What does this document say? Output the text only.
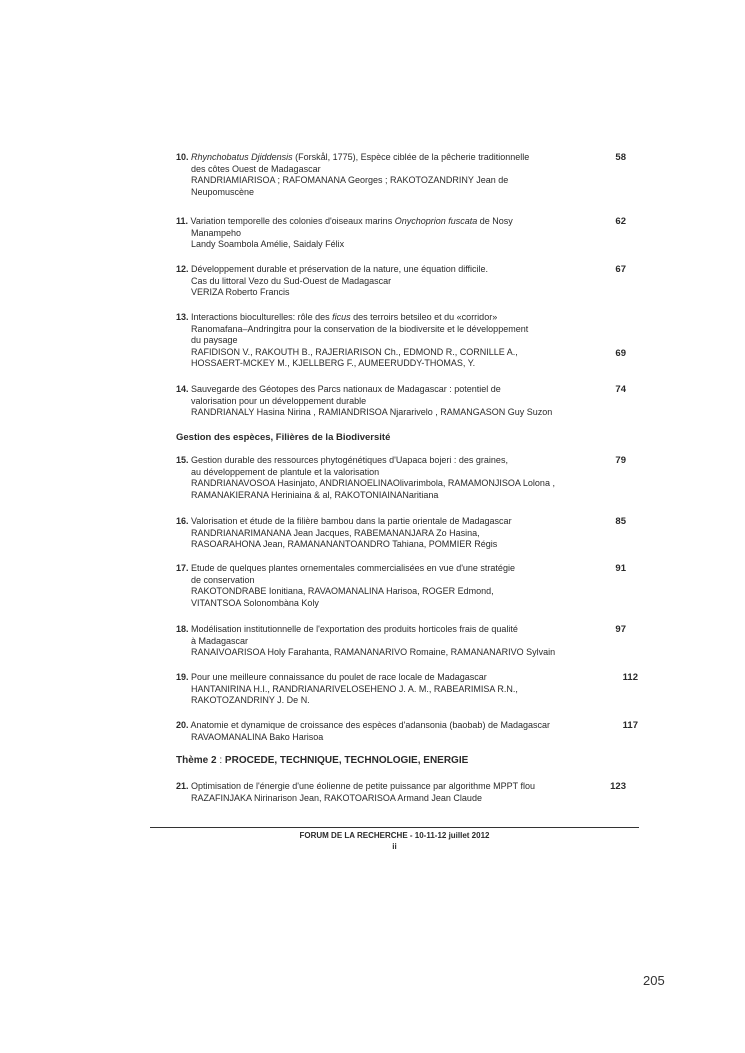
10. Rhynchobatus Djiddensis (Forskål, 1775), Espèce ciblée de la pêcherie traditionnelle
des côtes Ouest de Madagascar
RANDRIAMIARISOA ; RAFOMANANA Georges ; RAKOTOZANDRINY Jean de
Neupomuscène
58
11. Variation temporelle des colonies d'oiseaux marins Onychoprion fuscata de Nosy
Manampeho
Landy Soambola Amélie, Saidaly Félix
62
12. Développement durable et préservation de la nature, une équation difficile.
Cas du littoral Vezo du Sud-Ouest de Madagascar
VERIZA Roberto Francis
67
13. Interactions bioculturelles: rôle des ficus des terroirs betsileo et du «corridor»
Ranomafana–Andringitra pour la conservation de la biodiversite et le développement
du paysage
RAFIDISON V., RAKOUTH B., RAJERIARISON Ch., EDMOND R., CORNILLE A.,
HOSSAERT-MCKEY M., KJELLBERG F., AUMEERUDDY-THOMAS, Y.
69
14. Sauvegarde des Géotopes des Parcs nationaux de Madagascar : potentiel de
valorisation pour un développement durable
RANDRIANALY Hasina Nirina , RAMIANDRISOA Njararivelo , RAMANGASON Guy Suzon
74
Gestion des espèces, Filières de la Biodiversité
15. Gestion durable des ressources phytogénétiques d'Uapaca bojeri : des graines,
au développement de plantule et la valorisation
RANDRIANAVOSOA Hasinjato, ANDRIANOELINAOlivarimbola, RAMAMONJISOA Lolona ,
RAMANAKIERANA Heriniaina & al, RAKOTONIAINANaritiana
79
16. Valorisation et étude de la filière bambou dans la partie orientale de Madagascar
RANDRIANARIMANANA Jean Jacques, RABEMANANJARA Zo Hasina,
RASOARAHONA Jean, RAMANANANTOANDRO Tahiana, POMMIER Régis
85
17. Etude de quelques plantes ornementales commercialisées en vue d'une stratégie
de conservation
RAKOTONDRABE Ionitiana, RAVAOMANALINA Harisoa, ROGER Edmond,
VITANTSOA Solonombàna Koly
91
18. Modélisation institutionnelle de l'exportation des produits horticoles frais de qualité
à Madagascar
RANAIVOARISOA Holy Farahanta, RAMANANARIVO Romaine, RAMANANARIVO Sylvain
97
19. Pour une meilleure connaissance du poulet de race locale de Madagascar
HANTANIRINA H.I., RANDRIANARIVELOSEHENO J. A. M., RABEARIMISA R.N.,
RAKOTOZANDRINY J. De N.
112
20. Anatomie et dynamique de croissance des espèces d'adansonia (baobab) de Madagascar
RAVAOMANALINA Bako Harisoa
117
Thème 2 : PROCEDE, TECHNIQUE, TECHNOLOGIE, ENERGIE
21. Optimisation de l'énergie d'une éolienne de petite puissance par algorithme MPPT flou
RAZAFINJAKA Nirinarison Jean, RAKOTOARISOA Armand Jean Claude
123
FORUM DE LA RECHERCHE - 10-11-12 juillet 2012
ii
205
